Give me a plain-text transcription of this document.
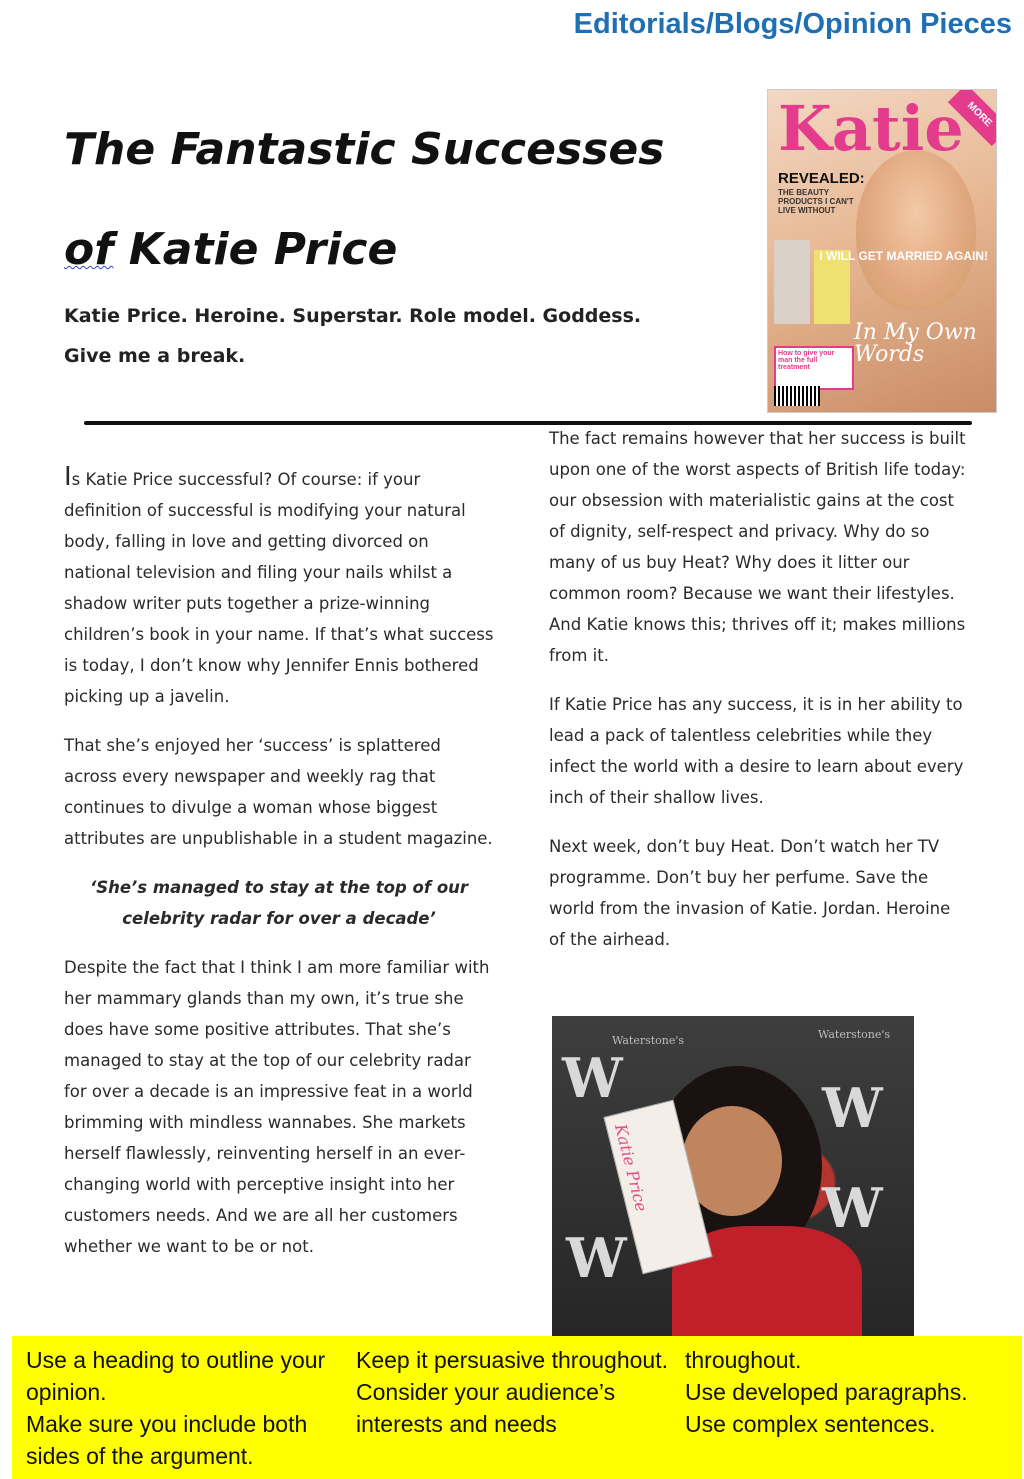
Editorials/Blogs/Opinion Pieces
The Fantastic Successes
of Katie Price
Katie Price. Heroine. Superstar. Role model. Goddess.
Give me a break.
Katie MORE
REVEALED:
THE BEAUTY PRODUCTS I CAN'T LIVE WITHOUT
I WILL GET MARRIED AGAIN!
In My Own Words
How to give your man the full treatment

Is Katie Price successful? Of course: if your definition of successful is modifying your natural body, falling in love and getting divorced on national television and filing your nails whilst a shadow writer puts together a prize-winning children’s book in your name. If that’s what success is today, I don’t know why Jennifer Ennis bothered picking up a javelin.

That she’s enjoyed her ‘success’ is splattered across every newspaper and weekly rag that continues to divulge a woman whose biggest attributes are unpublishable in a student magazine.

‘She’s managed to stay at the top of our celebrity radar for over a decade’

Despite the fact that I think I am more familiar with her mammary glands than my own, it’s true she does have some positive attributes. That she’s managed to stay at the top of our celebrity radar for over a decade is an impressive feat in a world brimming with mindless wannabes. She markets herself flawlessly, reinventing herself in an ever-changing world with perceptive insight into her customers needs. And we are all her customers whether we want to be or not.

The fact remains however that her success is built upon one of the worst aspects of British life today: our obsession with materialistic gains at the cost of dignity, self-respect and privacy. Why do so many of us buy Heat? Why does it litter our common room? Because we want their lifestyles. And Katie knows this; thrives off it; makes millions from it.

If Katie Price has any success, it is in her ability to lead a pack of talentless celebrities while they infect the world with a desire to learn about every inch of their shallow lives.

Next week, don’t buy Heat. Don’t watch her TV programme. Don’t buy her perfume. Save the world from the invasion of Katie. Jordan. Heroine of the airhead.

W	W
W
W
Waterstone's	Waterstone's
Katie Price
Use a heading to outline your opinion.
Make sure you include both sides of the argument.
Keep it persuasive throughout.
Consider your audience’s interests and needs
throughout.
Use developed paragraphs.
Use complex sentences.
